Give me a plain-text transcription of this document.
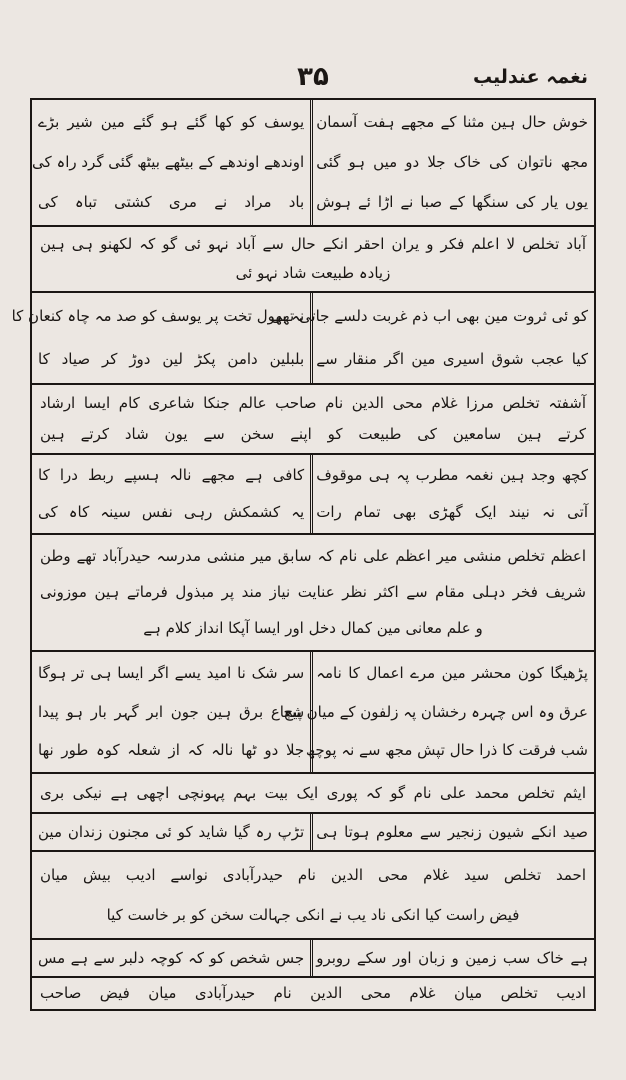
نغمہ عندلیب
۳۵
خوش حال ہین مثنا کے مجھے ہفت آسمان
مجھ ناتوان کی خاک جلا دو میں ہو گئی
یوں یار کی سنگھا کے صبا نے اڑا ئے ہوش
یوسف کو کھا گئے ہو گئے مین شیر بڑے
اوندھے اوندھے کے بیٹھے بیٹھ گئی گرد راہ کی
باد مراد نے مری کشتی تباہ کی
آباد تخلص لا اعلم فکر و یران احقر انکے حال سے آباد نہو ئی گو کہ لکھنو ہی ہین
زیادہ طبیعت شاد نہو ئی
کو ئی ثروت مین بھی اب ذم غربت دلسے جاتی تھی
کیا عجب شوق اسیری مین اگر منقار سے
نہ بھول تخت پر یوسف کو صد مہ چاہ کنعان کا
بلبلین دامن پکڑ لین دوڑ کر صیاد کا
آشفتہ تخلص مرزا غلام محی الدین نام صاحب عالم جنکا شاعری کام ایسا ارشاد
کرتے ہین سامعین کی طبیعت کو اپنے سخن سے یون شاد کرتے ہین
کچھ وجد ہین نغمہ مطرب پہ ہی موقوف
آتی نہ نیند ایک گھڑی بھی تمام رات
کافی ہے مجھے نالہ ہسپے ربط درا کا
یہ کشمکش رہی نفس سینہ کاہ کی
اعظم تخلص منشی میر اعظم علی نام کہ سابق میر منشی مدرسہ حیدرآباد تھے وطن
شریف فخر دہلی مقام سے اکثر نظر عنایت نیاز مند پر مبذول فرماتے ہین موزونی
و علم معانی مین کمال دخل اور ایسا آپکا انداز کلام ہے
پڑھیگا کون محشر مین مرے اعمال کا نامہ
عرق وہ اس چہرہ رخشان پہ زلفون کے میان پیچ
شب فرقت کا ذرا حال تپش مجھ سے نہ پوچھ
سر شک نا امید یسے اگر ایسا ہی تر ہوگا
شعاع برق ہین جون ابر گہر بار ہو پیدا
جلا دو ٹھا نالہ کہ از شعلہ کوہ طور نھا
ایثم تخلص محمد علی نام گو کہ پوری ایک بیت بہم پہونچی اچھی ہے نیکی بری
صید انکے شیون زنجیر سے معلوم ہوتا ہی
تڑپ رہ گیا شاید کو ئی مجنون زندان مین
احمد تخلص سید غلام محی الدین نام حیدرآبادی نواسے ادیب بیش میان
فیض راست کیا انکی ناد یب نے انکی جہالت سخن کو بر خاست کیا
ہے خاک سب زمین و زبان اور سکے روبرو
جس شخص کو کہ کوچہ دلبر سے ہے مس
ادیب تخلص میان غلام محی الدین نام حیدرآبادی میان فیض صاحب
